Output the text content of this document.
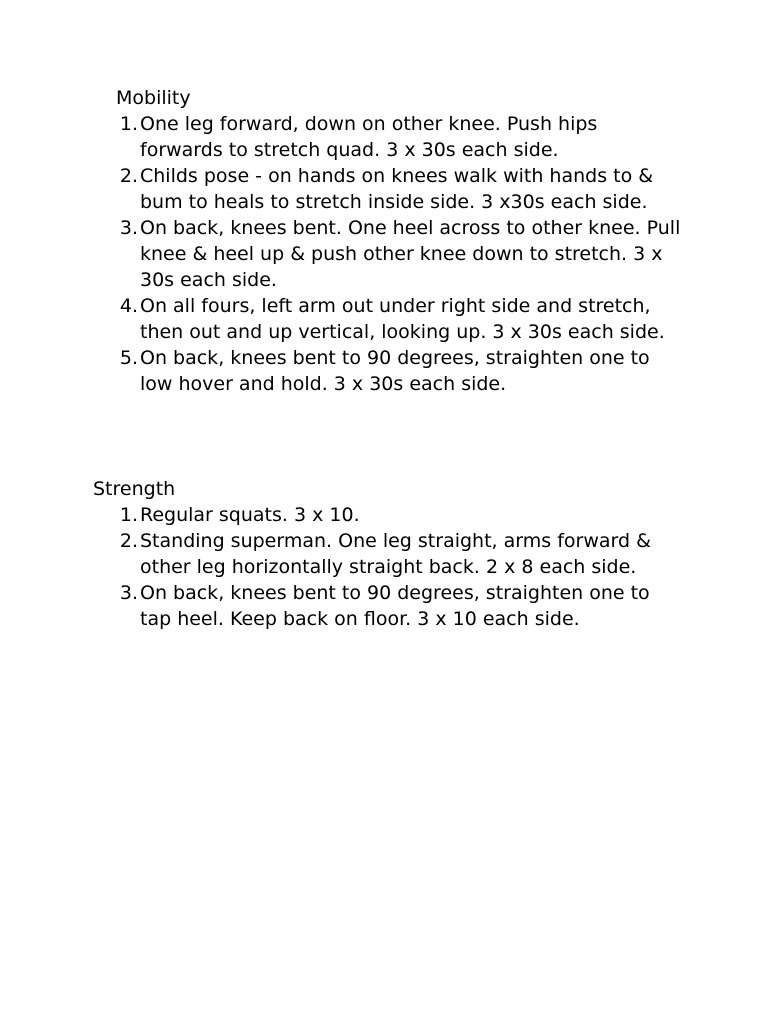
Mobility
1. One leg forward, down on other knee. Push hips forwards to stretch quad. 3 x 30s each side.
2. Childs pose - on hands on knees walk with hands to & bum to heals to stretch inside side. 3 x30s each side.
3. On back, knees bent. One heel across to other knee. Pull knee & heel up & push other knee down to stretch. 3 x 30s each side.
4. On all fours, left arm out under right side and stretch, then out and up vertical, looking up. 3 x 30s each side.
5. On back, knees bent to 90 degrees, straighten one to low hover and hold. 3 x 30s each side.
Strength
1. Regular squats. 3 x 10.
2. Standing superman. One leg straight, arms forward & other leg horizontally straight back. 2 x 8 each side.
3. On back, knees bent to 90 degrees, straighten one to tap heel. Keep back on floor. 3 x 10 each side.
